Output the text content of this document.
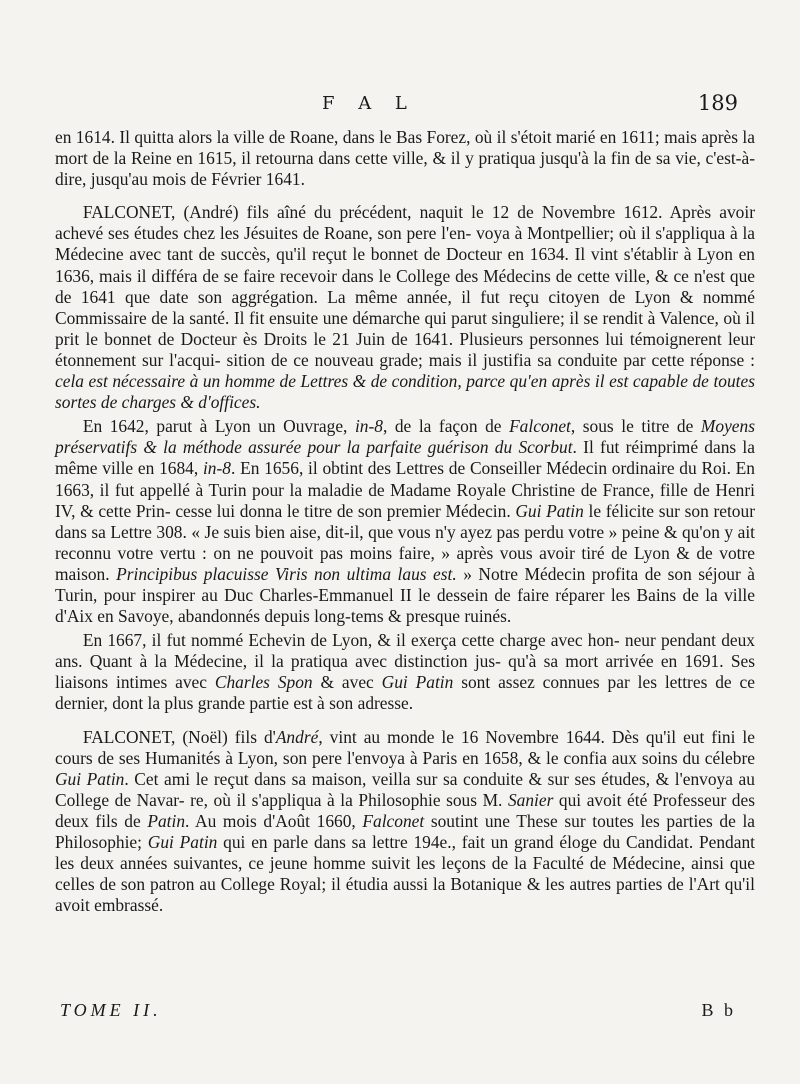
F A L	189

en 1614. Il quitta alors la ville de Roane, dans le Bas Forez, où il s'étoit marié en 1611; mais après la mort de la Reine en 1615, il retourna dans cette ville, & il y pratiqua jusqu'à la fin de sa vie, c'est-à-dire, jusqu'au mois de Février 1641.

FALCONET, (André) fils aîné du précédent, naquit le 12 de Novembre 1612. Après avoir achevé ses études chez les Jésuites de Roane, son pere l'en- voya à Montpellier; où il s'appliqua à la Médecine avec tant de succès, qu'il reçut le bonnet de Docteur en 1634. Il vint s'établir à Lyon en 1636, mais il différa de se faire recevoir dans le College des Médecins de cette ville, & ce n'est que de 1641 que date son aggrégation. La même année, il fut reçu citoyen de Lyon & nommé Commissaire de la santé. Il fit ensuite une démarche qui parut singuliere; il se rendit à Valence, où il prit le bonnet de Docteur ès Droits le 21 Juin de 1641. Plusieurs personnes lui témoignerent leur étonnement sur l'acqui- sition de ce nouveau grade; mais il justifia sa conduite par cette réponse : cela est nécessaire à un homme de Lettres & de condition, parce qu'en après il est capable de toutes sortes de charges & d'offices.

En 1642, parut à Lyon un Ouvrage, in-8, de la façon de Falconet, sous le titre de Moyens préservatifs & la méthode assurée pour la parfaite guérison du Scorbut. Il fut réimprimé dans la même ville en 1684, in-8. En 1656, il obtint des Lettres de Conseiller Médecin ordinaire du Roi. En 1663, il fut appellé à Turin pour la maladie de Madame Royale Christine de France, fille de Henri IV, & cette Prin- cesse lui donna le titre de son premier Médecin. Gui Patin le félicite sur son retour dans sa Lettre 308. « Je suis bien aise, dit-il, que vous n'y ayez pas perdu votre » peine & qu'on y ait reconnu votre vertu : on ne pouvoit pas moins faire, » après vous avoir tiré de Lyon & de votre maison. Principibus placuisse Viris non ultima laus est. » Notre Médecin profita de son séjour à Turin, pour inspirer au Duc Charles-Emmanuel II le dessein de faire réparer les Bains de la ville d'Aix en Savoye, abandonnés depuis long-tems & presque ruinés.

En 1667, il fut nommé Echevin de Lyon, & il exerça cette charge avec hon- neur pendant deux ans. Quant à la Médecine, il la pratiqua avec distinction jus- qu'à sa mort arrivée en 1691. Ses liaisons intimes avec Charles Spon & avec Gui Patin sont assez connues par les lettres de ce dernier, dont la plus grande partie est à son adresse.

FALCONET, (Noël) fils d'André, vint au monde le 16 Novembre 1644. Dès qu'il eut fini le cours de ses Humanités à Lyon, son pere l'envoya à Paris en 1658, & le confia aux soins du célebre Gui Patin. Cet ami le reçut dans sa maison, veilla sur sa conduite & sur ses études, & l'envoya au College de Navar- re, où il s'appliqua à la Philosophie sous M. Sanier qui avoit été Professeur des deux fils de Patin. Au mois d'Août 1660, Falconet soutint une These sur toutes les parties de la Philosophie; Gui Patin qui en parle dans sa lettre 194e., fait un grand éloge du Candidat. Pendant les deux années suivantes, ce jeune homme suivit les leçons de la Faculté de Médecine, ainsi que celles de son patron au College Royal; il étudia aussi la Botanique & les autres parties de l'Art qu'il avoit embrassé.

TOME II.	B b
